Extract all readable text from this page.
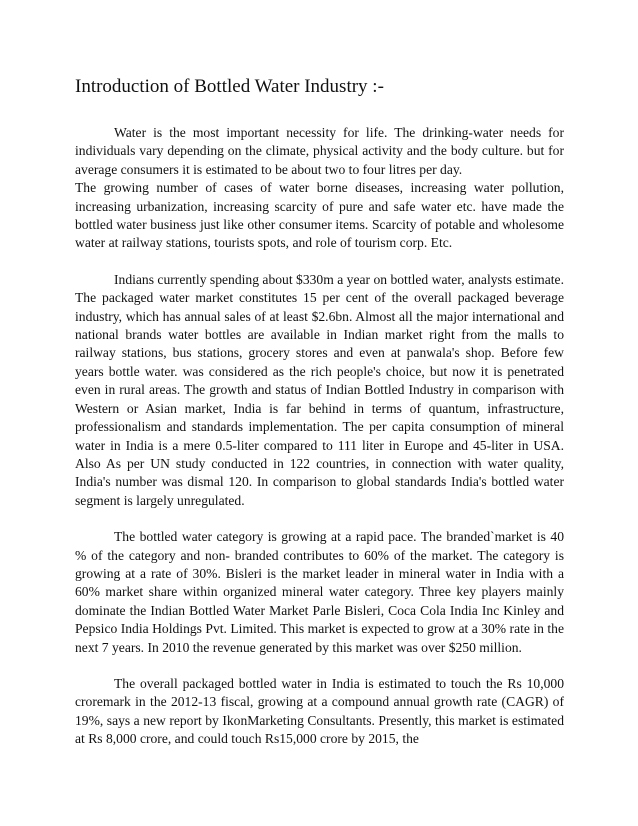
Introduction of Bottled Water Industry :-

Water is the most important necessity for life. The drinking-water needs for individuals vary depending on the climate, physical activity and the body culture. but for average consumers it is estimated to be about two to four litres per day.

The growing number of cases of water borne diseases, increasing water pollution, increasing urbanization, increasing scarcity of pure and safe water etc. have made the bottled water business just like other consumer items. Scarcity of potable and wholesome water at railway stations, tourists spots, and role of tourism corp. Etc.

Indians currently spending about $330m a year on bottled water, analysts estimate. The packaged water market constitutes 15 per cent of the overall packaged beverage industry, which has annual sales of at least $2.6bn. Almost all the major international and national brands water bottles are available in Indian market right from the malls to railway stations, bus stations, grocery stores and even at panwala's shop. Before few years bottle water. was considered as the rich people's choice, but now it is penetrated even in rural areas. The growth and status of Indian Bottled Industry in comparison with Western or Asian market, India is far behind in terms of quantum, infrastructure, professionalism and standards implementation. The per capita consumption of mineral water in India is a mere 0.5-liter compared to 111 liter in Europe and 45-liter in USA. Also As per UN study conducted in 122 countries, in connection with water quality, India's number was dismal 120. In comparison to global standards India's bottled water segment is largely unregulated.

The bottled water category is growing at a rapid pace. The branded`market is 40 % of the category and non- branded contributes to 60% of the market. The category is growing at a rate of 30%. Bisleri is the market leader in mineral water in India with a 60% market share within organized mineral water category. Three key players mainly dominate the Indian Bottled Water Market Parle Bisleri, Coca Cola India Inc Kinley and Pepsico India Holdings Pvt. Limited. This market is expected to grow at a 30% rate in the next 7 years. In 2010 the revenue generated by this market was over $250 million.

The overall packaged bottled water in India is estimated to touch the Rs 10,000 croremark in the 2012-13 fiscal, growing at a compound annual growth rate (CAGR) of 19%, says a new report by IkonMarketing Consultants. Presently, this market is estimated at Rs 8,000 crore, and could touch Rs15,000 crore by 2015, the
